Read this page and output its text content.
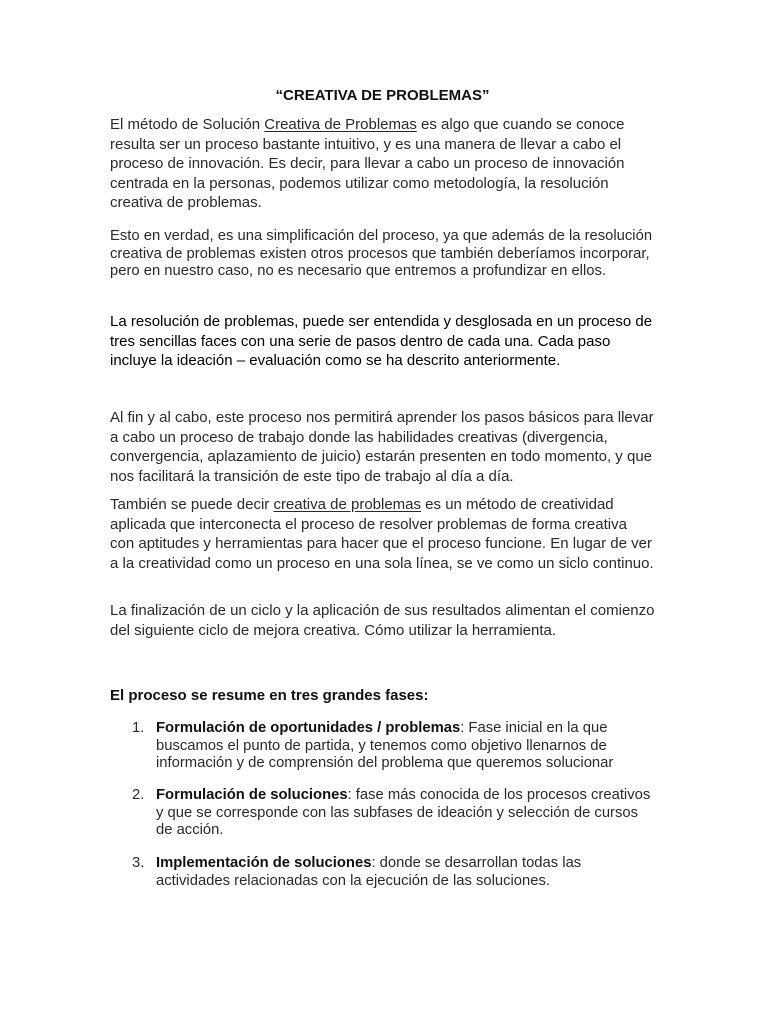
“CREATIVA DE PROBLEMAS”

El método de Solución Creativa de Problemas es algo que cuando se conoce resulta ser un proceso bastante intuitivo, y es una manera de llevar a cabo el proceso de innovación. Es decir, para llevar a cabo un proceso de innovación centrada en la personas, podemos utilizar como metodología, la resolución creativa de problemas.

Esto en verdad, es una simplificación del proceso, ya que además de la resolución creativa de problemas existen otros procesos que también deberíamos incorporar, pero en nuestro caso, no es necesario que entremos a profundizar en ellos.

La resolución de problemas, puede ser entendida y desglosada en un proceso de tres sencillas faces con una serie de pasos dentro de cada una. Cada paso incluye la ideación – evaluación como se ha descrito anteriormente.

Al fin y al cabo, este proceso nos permitirá aprender los pasos básicos para llevar a cabo un proceso de trabajo donde las habilidades creativas (divergencia, convergencia, aplazamiento de juicio) estarán presenten en todo momento, y que nos facilitará la transición de este tipo de trabajo al día a día.

También se puede decir creativa de problemas es un método de creatividad aplicada que interconecta el proceso de resolver problemas de forma creativa con aptitudes y herramientas para hacer que el proceso funcione. En lugar de ver a la creatividad como un proceso en una sola línea, se ve como un siclo continuo.

La finalización de un ciclo y la aplicación de sus resultados alimentan el comienzo del siguiente ciclo de mejora creativa. Cómo utilizar la herramienta.

El proceso se resume en tres grandes fases:

1. Formulación de oportunidades / problemas: Fase inicial en la que buscamos el punto de partida, y tenemos como objetivo llenarnos de información y de comprensión del problema que queremos solucionar
2. Formulación de soluciones: fase más conocida de los procesos creativos y que se corresponde con las subfases de ideación y selección de cursos de acción.
3. Implementación de soluciones: donde se desarrollan todas las actividades relacionadas con la ejecución de las soluciones.
